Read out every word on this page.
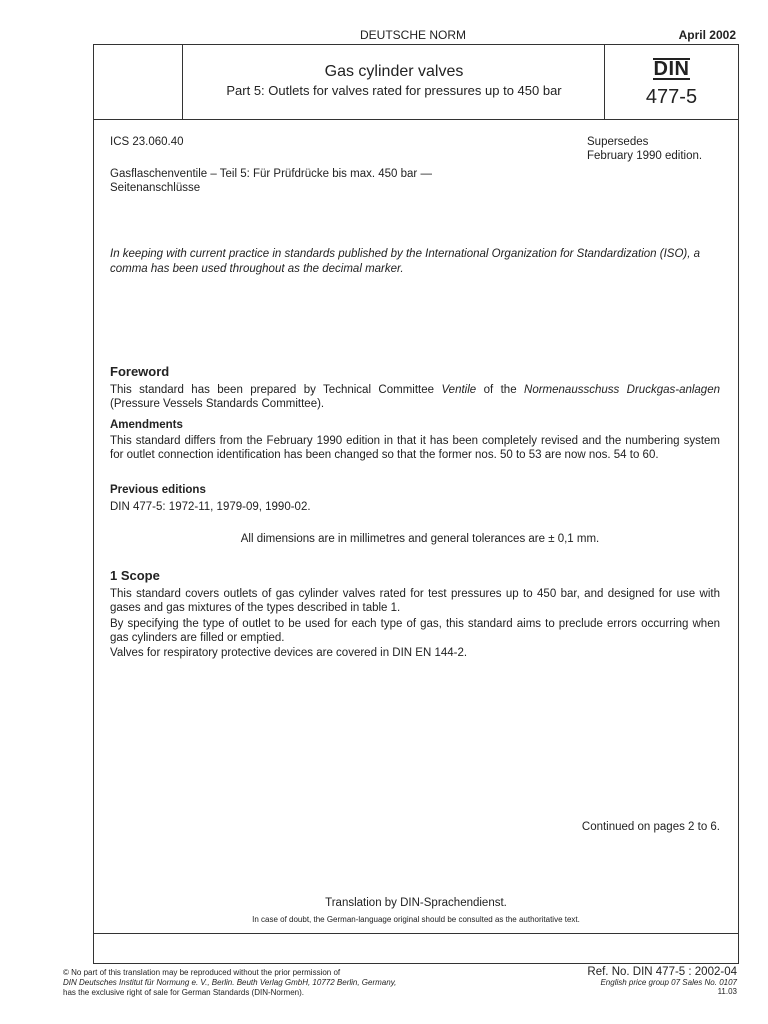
DEUTSCHE NORM	April 2002
Gas cylinder valves
Part 5: Outlets for valves rated for pressures up to 450 bar
DIN
477-5
ICS 23.060.40	Supersedes
February 1990 edition.
Gasflaschenventile – Teil 5: Für Prüfdrücke bis max. 450 bar —
Seitenanschlüsse
In keeping with current practice in standards published by the International Organization for Standardization (ISO), a comma has been used throughout as the decimal marker.
Foreword
This standard has been prepared by Technical Committee Ventile of the Normenausschuss Druckgas-anlagen (Pressure Vessels Standards Committee).
Amendments
This standard differs from the February 1990 edition in that it has been completely revised and the numbering system for outlet connection identification has been changed so that the former nos. 50 to 53 are now nos. 54 to 60.
Previous editions
DIN 477-5: 1972-11, 1979-09, 1990-02.
All dimensions are in millimetres and general tolerances are ± 0,1 mm.
1 Scope
This standard covers outlets of gas cylinder valves rated for test pressures up to 450 bar, and designed for use with gases and gas mixtures of the types described in table 1.
By specifying the type of outlet to be used for each type of gas, this standard aims to preclude errors occurring when gas cylinders are filled or emptied.
Valves for respiratory protective devices are covered in DIN EN 144-2.
Continued on pages 2 to 6.
Translation by DIN-Sprachendienst.
In case of doubt, the German-language original should be consulted as the authoritative text.
© No part of this translation may be reproduced without the prior permission of
DIN Deutsches Institut für Normung e. V., Berlin. Beuth Verlag GmbH, 10772 Berlin, Germany,
has the exclusive right of sale for German Standards (DIN-Normen).
Ref. No. DIN 477-5 : 2002-04
English price group 07 Sales No. 0107
11.03
